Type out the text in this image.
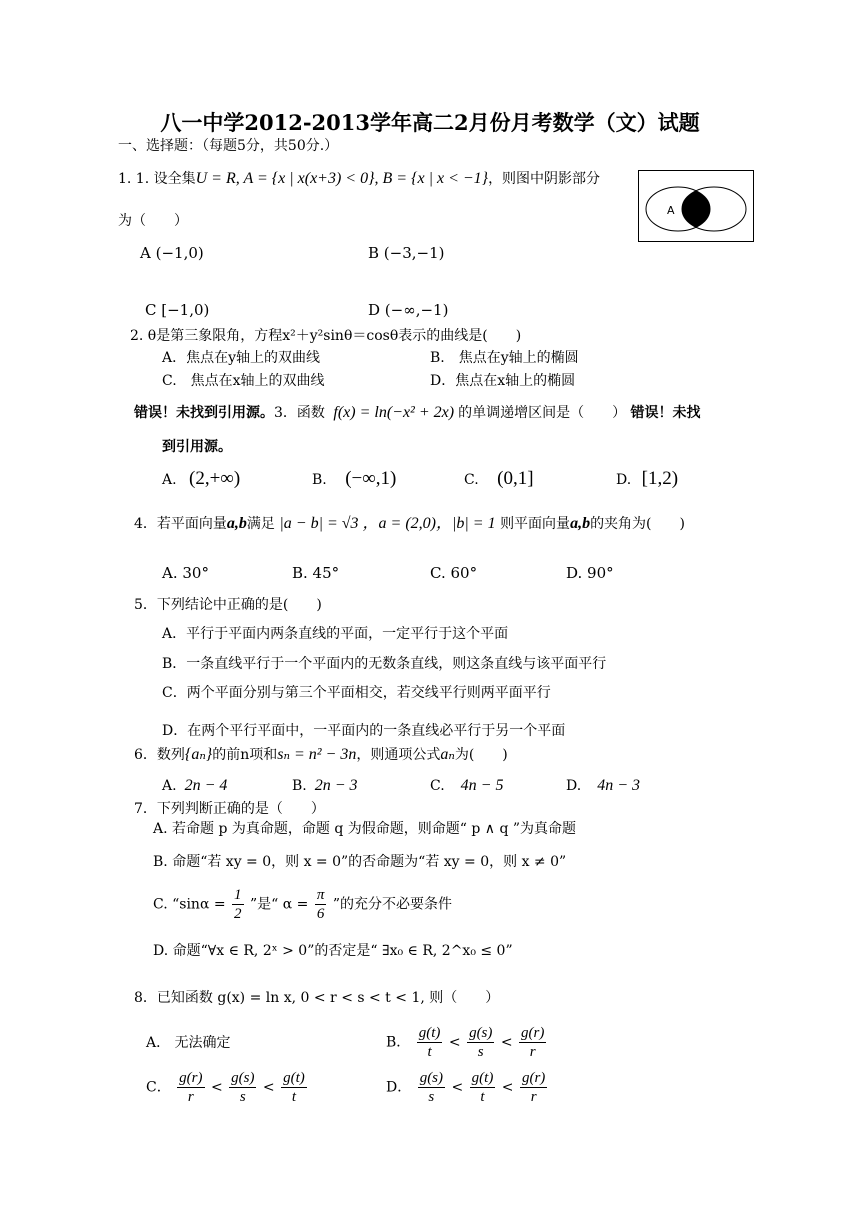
八一中学2012-2013学年高二2月份月考数学（文）试题
一、选择题：（每题5分，共50分.）
1. 1. 设全集U = R, A = {x | x(x+3) < 0}, B = {x | x < −1}，则图中阴影部分
为（　　）
A	B
A (−1,0)	B (−3,−1)
C [−1,0)	D (−∞,−1)
2. θ是第三象限角，方程x²＋y²sinθ＝cosθ表示的曲线是(　　)
A．焦点在y轴上的双曲线	B.　焦点在y轴上的椭圆
C.　焦点在x轴上的双曲线	D．焦点在x轴上的椭圆
错误！未找到引用源。3．函数 f(x) = ln(−x² + 2x) 的单调递增区间是（　　） 错误！未找
到引用源。
A. (2,+∞)	B. (−∞,1)	C. (0,1]	D. [1,2)
4．若平面向量a,b满足 |a − b| = √3 ，a = (2,0)，|b| = 1 则平面向量a,b的夹角为(　　)
A. 30°	B. 45°	C. 60°	D. 90°
5．下列结论中正确的是(　　)
A．平行于平面内两条直线的平面，一定平行于这个平面
B．一条直线平行于一个平面内的无数条直线，则这条直线与该平面平行
C．两个平面分别与第三个平面相交，若交线平行则两平面平行
D．在两个平行平面中，一平面内的一条直线必平行于另一个平面
6．数列{aₙ}的前n项和sₙ = n² − 3n，则通项公式aₙ为(　　)
A. 2n − 4	B. 2n − 3	C. 4n − 5	D. 4n − 3
7．下列判断正确的是（　　）
A. 若命题 p 为真命题，命题 q 为假命题，则命题“ p ∧ q ”为真命题
B. 命题“若 xy = 0，则 x = 0”的否命题为“若 xy = 0，则 x ≠ 0”
C. “$\sin\alpha = \frac{1}{2}$ ”是“ $\alpha = \frac{\pi}{6}$ ”的充分不必要条件
D. 命题“∀x ∈ R, 2ˣ > 0”的否定是“ ∃x₀ ∈ R, 2^x₀ ≤ 0”
8．已知函数 g(x) = ln x, 0 < r < s < t < 1, 则（　　）
A． 无法确定	B． $\frac{g(t)}{t} < \frac{g(s)}{s} < \frac{g(r)}{r}$
C． $\frac{g(r)}{r} < \frac{g(s)}{s} < \frac{g(t)}{t}$	D． $\frac{g(s)}{s} < \frac{g(t)}{t} < \frac{g(r)}{r}$
